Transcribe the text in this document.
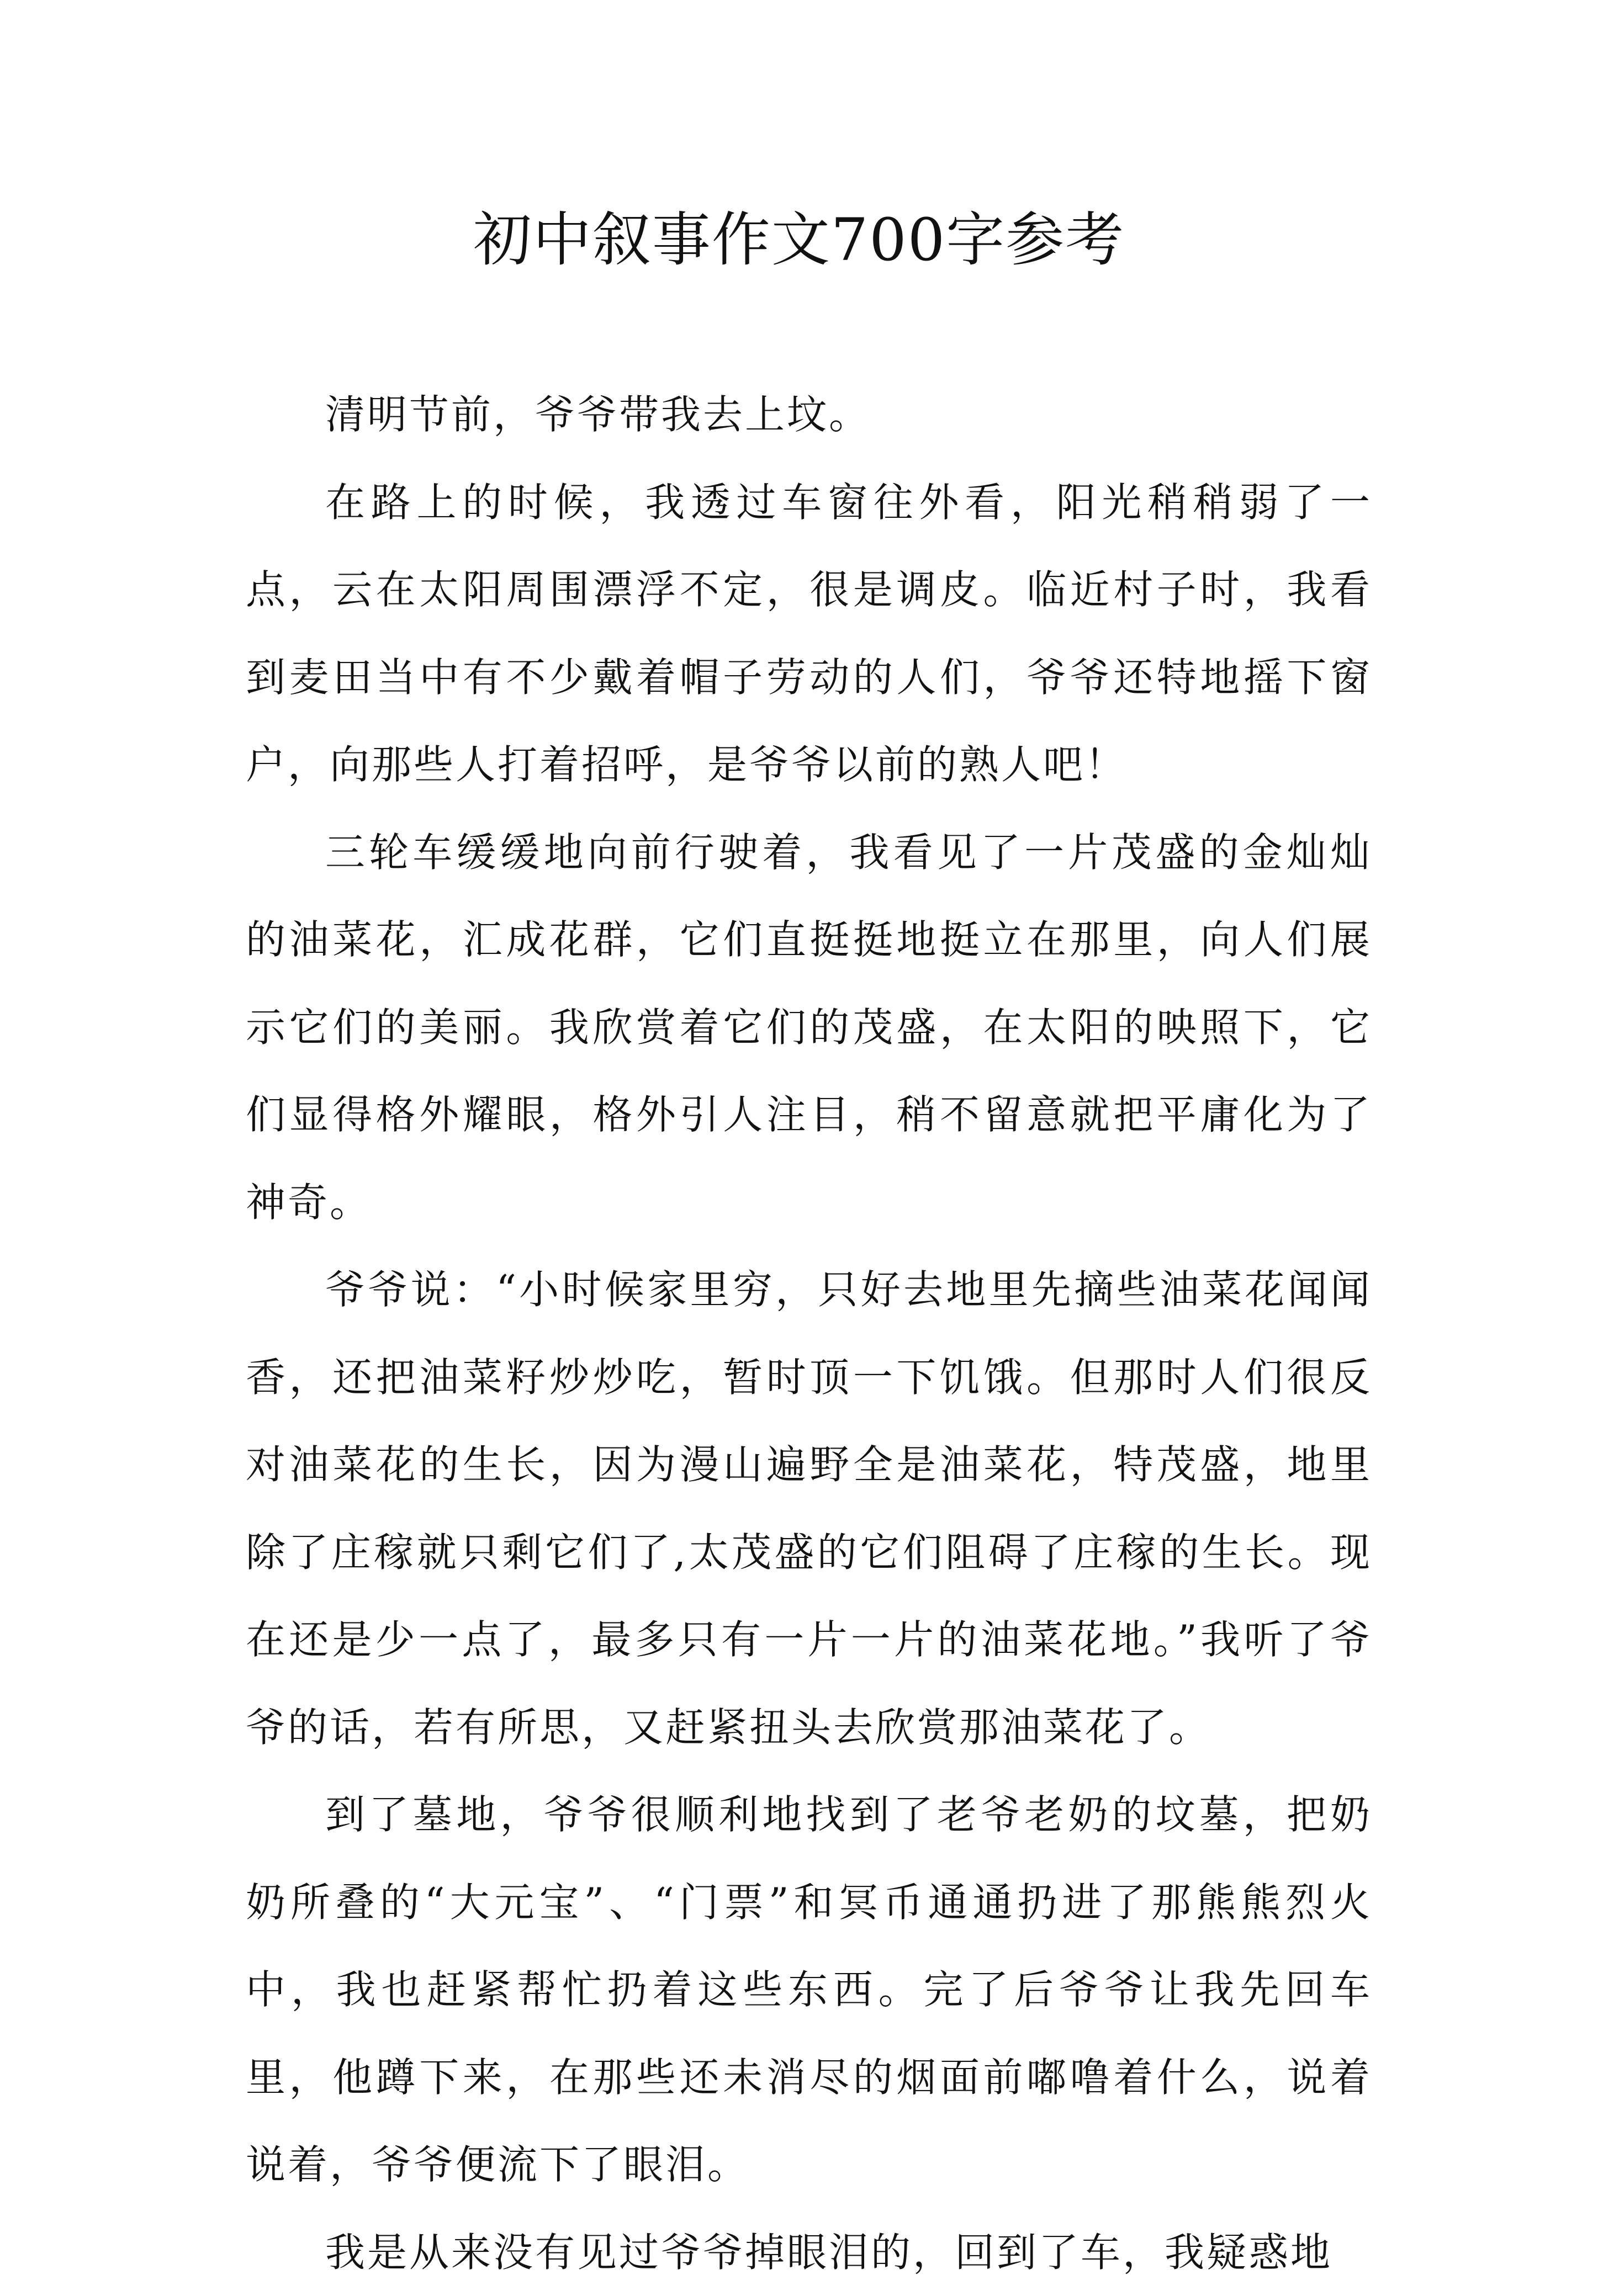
初中叙事作文700字参考

清明节前，爷爷带我去上坟。

在路上的时候，我透过车窗往外看，阳光稍稍弱了一点，云在太阳周围漂浮不定，很是调皮。临近村子时，我看到麦田当中有不少戴着帽子劳动的人们，爷爷还特地摇下窗户，向那些人打着招呼，是爷爷以前的熟人吧！

三轮车缓缓地向前行驶着，我看见了一片茂盛的金灿灿的油菜花，汇成花群，它们直挺挺地挺立在那里，向人们展示它们的美丽。我欣赏着它们的茂盛，在太阳的映照下，它们显得格外耀眼，格外引人注目，稍不留意就把平庸化为了神奇。

爷爷说：“小时候家里穷，只好去地里先摘些油菜花闻闻香，还把油菜籽炒炒吃，暂时顶一下饥饿。但那时人们很反对油菜花的生长，因为漫山遍野全是油菜花，特茂盛，地里除了庄稼就只剩它们了,太茂盛的它们阻碍了庄稼的生长。现在还是少一点了，最多只有一片一片的油菜花地。”我听了爷爷的话，若有所思，又赶紧扭头去欣赏那油菜花了。

到了墓地，爷爷很顺利地找到了老爷老奶的坟墓，把奶奶所叠的“大元宝”、“门票”和冥币通通扔进了那熊熊烈火中，我也赶紧帮忙扔着这些东西。完了后爷爷让我先回车里，他蹲下来，在那些还未消尽的烟面前嘟噜着什么，说着说着，爷爷便流下了眼泪。

我是从来没有见过爷爷掉眼泪的，回到了车，我疑惑地
